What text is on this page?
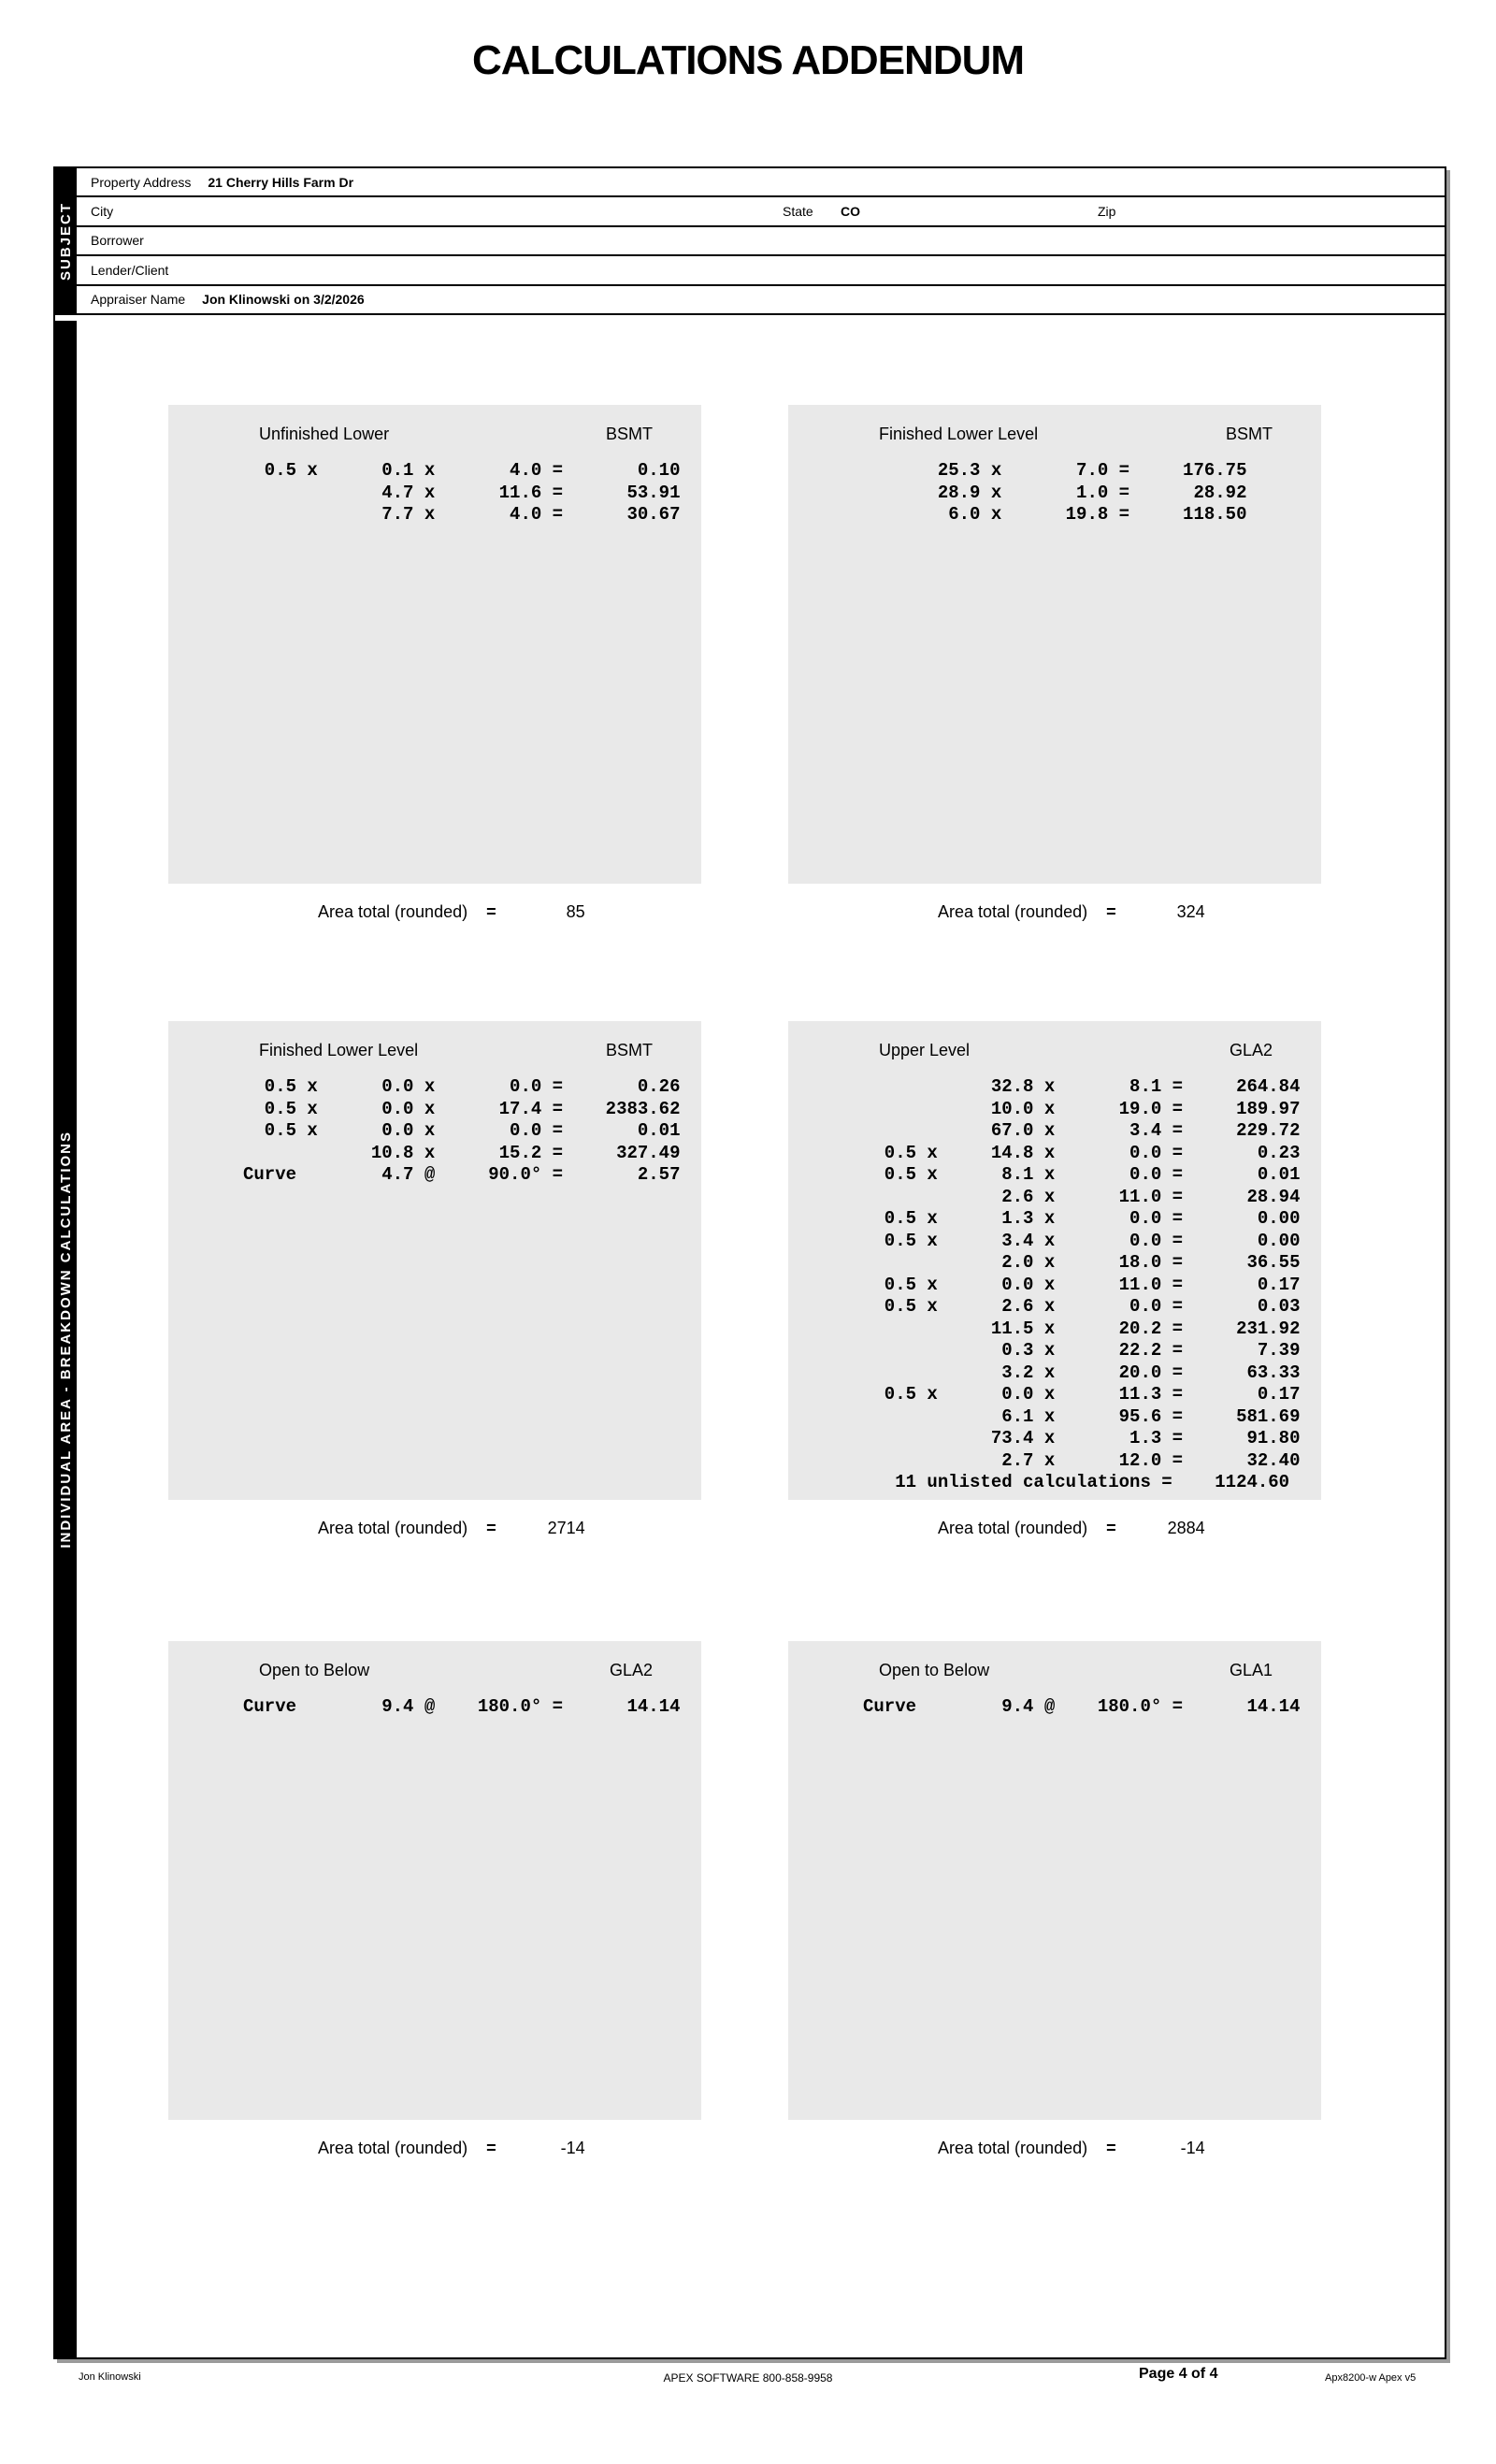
CALCULATIONS ADDENDUM
SUBJECT
INDIVIDUAL AREA - BREAKDOWN CALCULATIONS
Property Address 21 Cherry Hills Farm Dr
City	State CO	Zip
Borrower
Lender/Client
Appraiser Name Jon Klinowski on 3/2/2026
Unfinished Lower	BSMT
0.5 x      0.1 x       4.0 =       0.10
4.7 x      11.6 =      53.91
7.7 x       4.0 =      30.67
Area total (rounded) =	85
Finished Lower Level	BSMT
25.3 x       7.0 =     176.75
28.9 x       1.0 =      28.92
6.0 x      19.8 =     118.50
Area total (rounded) =	324
Finished Lower Level	BSMT
0.5 x      0.0 x       0.0 =       0.26
0.5 x      0.0 x      17.4 =    2383.62
0.5 x      0.0 x       0.0 =       0.01
10.8 x      15.2 =     327.49
Curve        4.7 @     90.0° =       2.57
Area total (rounded) =	2714
Upper Level	GLA2
32.8 x       8.1 =     264.84
10.0 x      19.0 =     189.97
67.0 x       3.4 =     229.72
0.5 x     14.8 x       0.0 =       0.23
0.5 x      8.1 x       0.0 =       0.01
2.6 x      11.0 =      28.94
0.5 x      1.3 x       0.0 =       0.00
0.5 x      3.4 x       0.0 =       0.00
2.0 x      18.0 =      36.55
0.5 x      0.0 x      11.0 =       0.17
0.5 x      2.6 x       0.0 =       0.03
11.5 x      20.2 =     231.92
0.3 x      22.2 =       7.39
3.2 x      20.0 =      63.33
0.5 x      0.0 x      11.3 =       0.17
6.1 x      95.6 =     581.69
73.4 x       1.3 =      91.80
2.7 x      12.0 =      32.40
11 unlisted calculations =    1124.60
Area total (rounded) =	2884
Open to Below	GLA2
Curve        9.4 @    180.0° =      14.14
Area total (rounded) =	-14
Open to Below	GLA1
Curve        9.4 @    180.0° =      14.14
Area total (rounded) =	-14
Jon Klinowski	APEX SOFTWARE 800-858-9958	Page 4 of 4	Apx8200-w Apex v5
